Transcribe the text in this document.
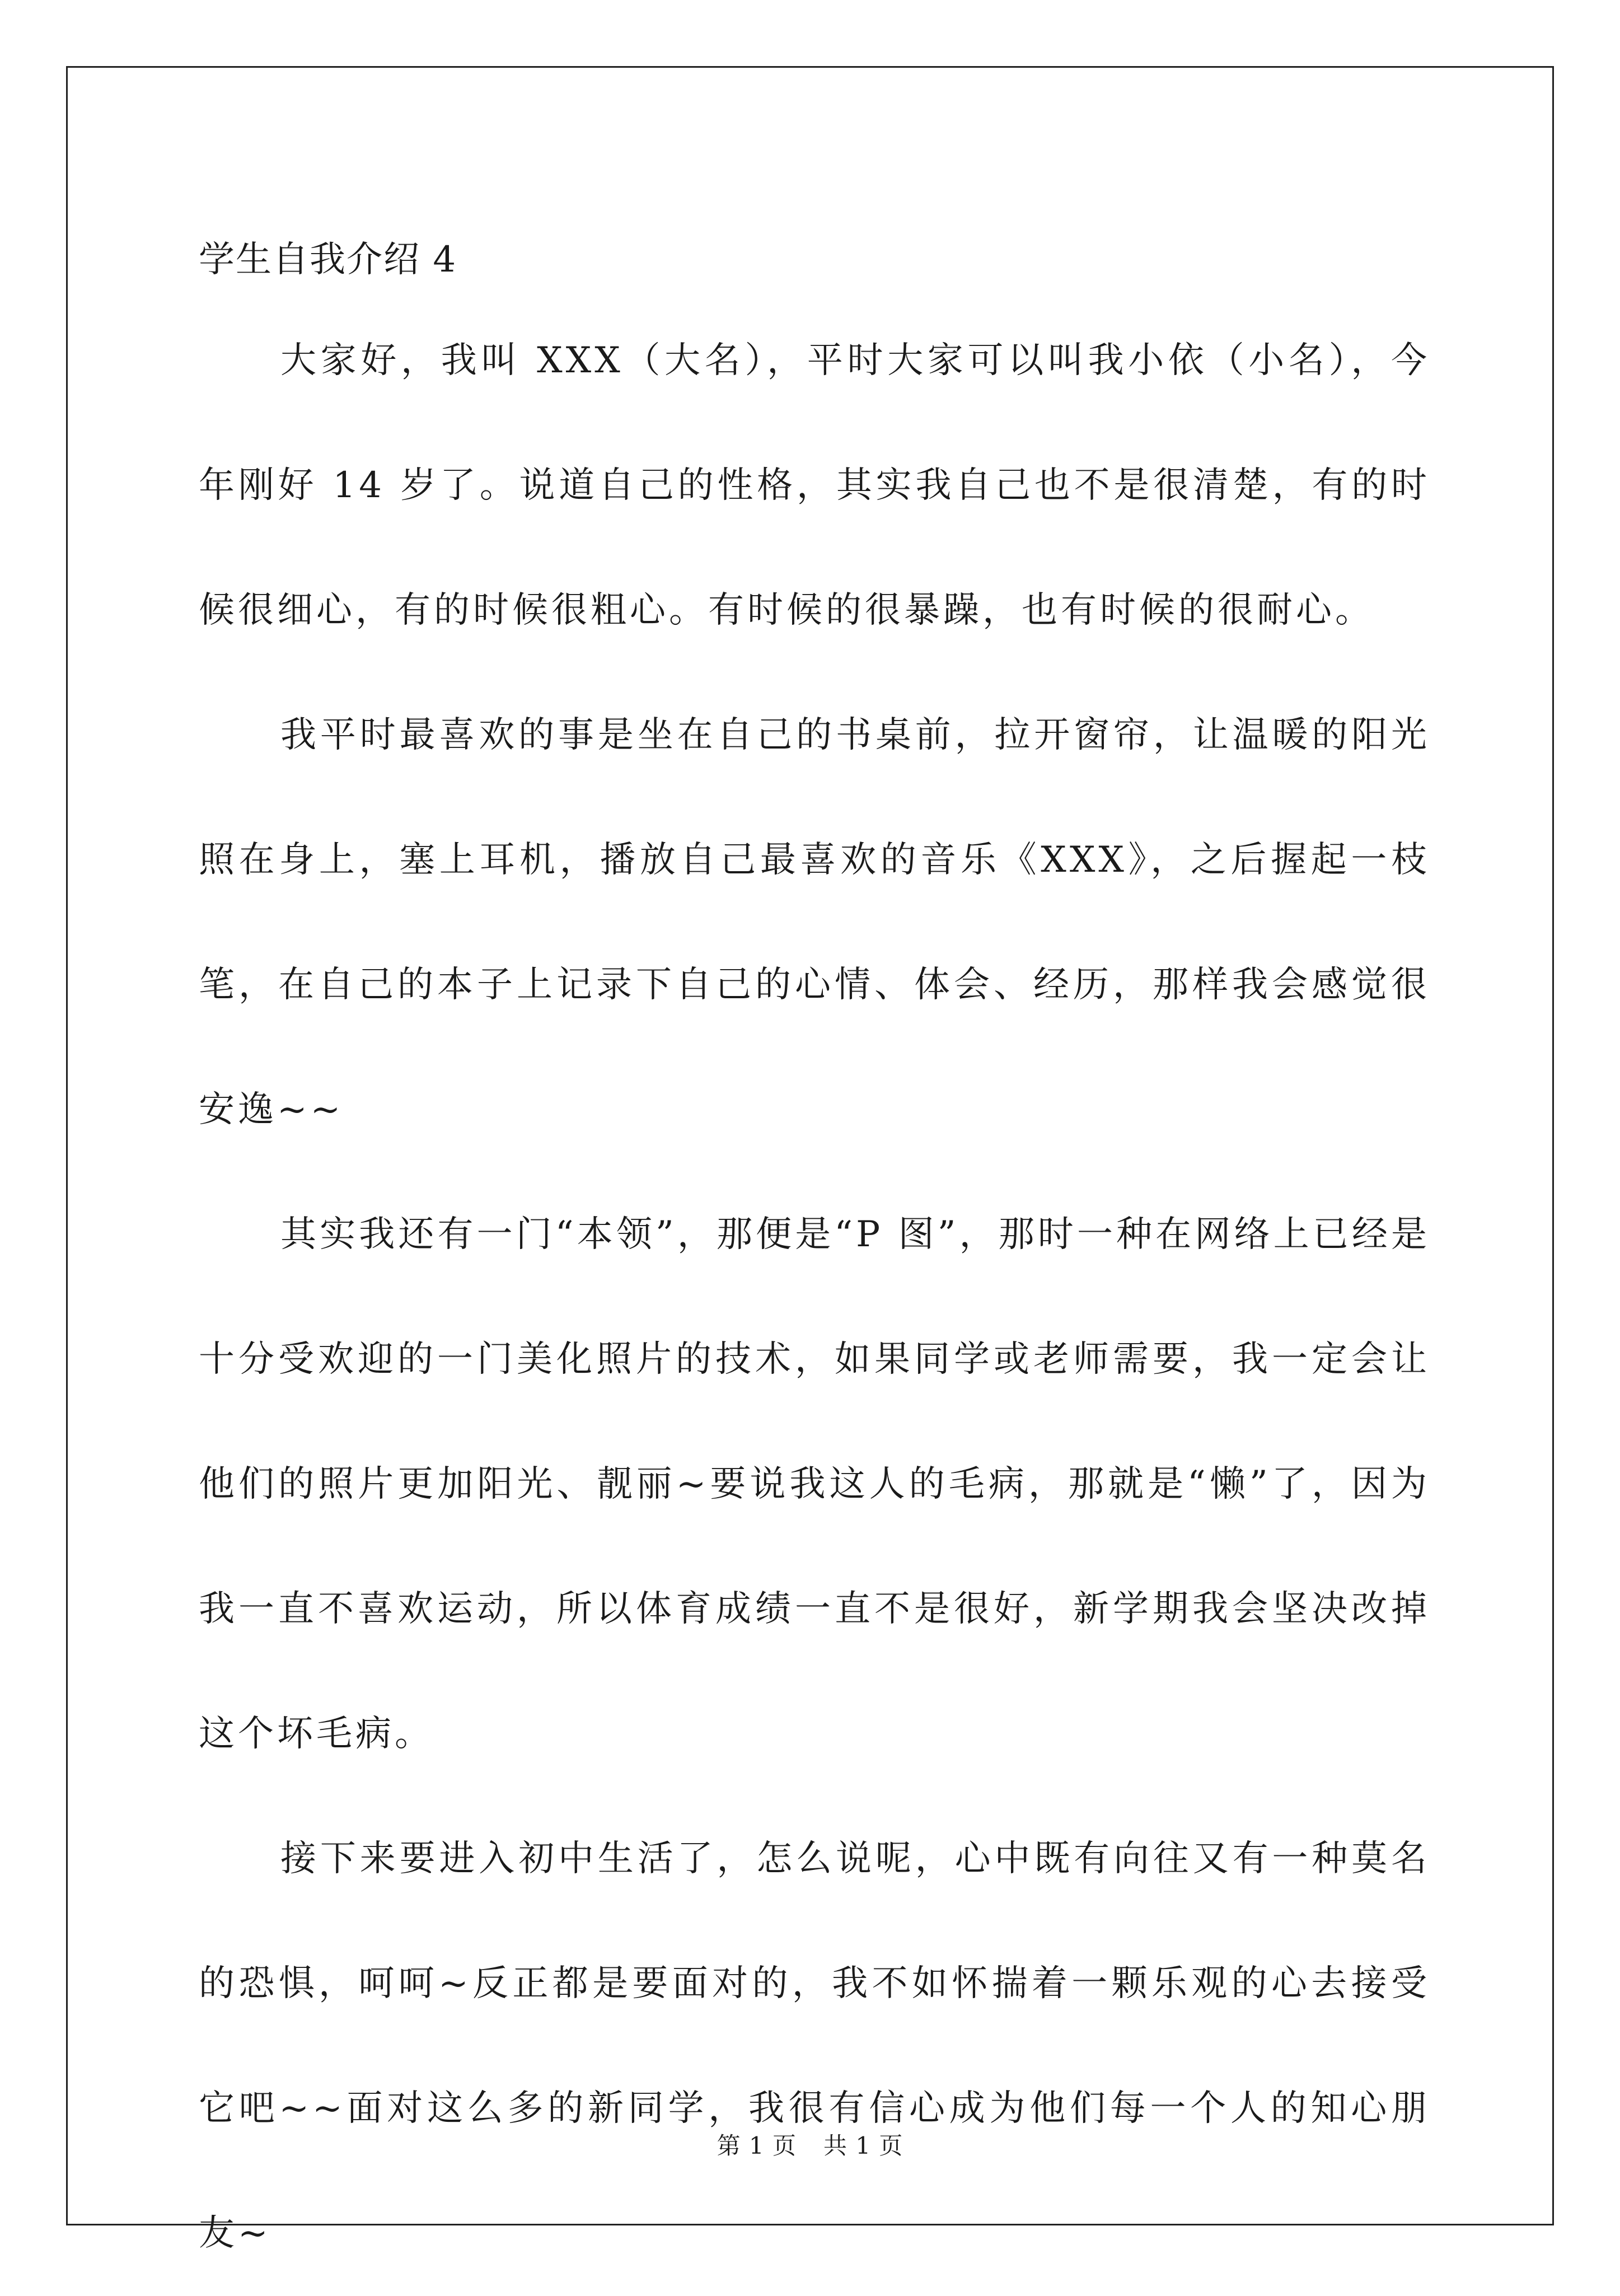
学生自我介绍 4

大家好，我叫 XXX（大名），平时大家可以叫我小依（小名），今年刚好 14 岁了。说道自己的性格，其实我自己也不是很清楚，有的时候很细心，有的时候很粗心。有时候的很暴躁，也有时候的很耐心。

我平时最喜欢的事是坐在自己的书桌前，拉开窗帘，让温暖的阳光照在身上，塞上耳机，播放自己最喜欢的音乐《XXX》，之后握起一枝笔，在自己的本子上记录下自己的心情、体会、经历，那样我会感觉很安逸~~

其实我还有一门“本领”，那便是“P 图”，那时一种在网络上已经是十分受欢迎的一门美化照片的技术，如果同学或老师需要，我一定会让他们的照片更加阳光、靓丽~要说我这人的毛病，那就是“懒”了，因为我一直不喜欢运动，所以体育成绩一直不是很好，新学期我会坚决改掉这个坏毛病。

接下来要进入初中生活了，怎么说呢，心中既有向往又有一种莫名的恐惧，呵呵~反正都是要面对的，我不如怀揣着一颗乐观的心去接受它吧~~面对这么多的新同学，我很有信心成为他们每一个人的知心朋友~

第 1 页 共 1 页
